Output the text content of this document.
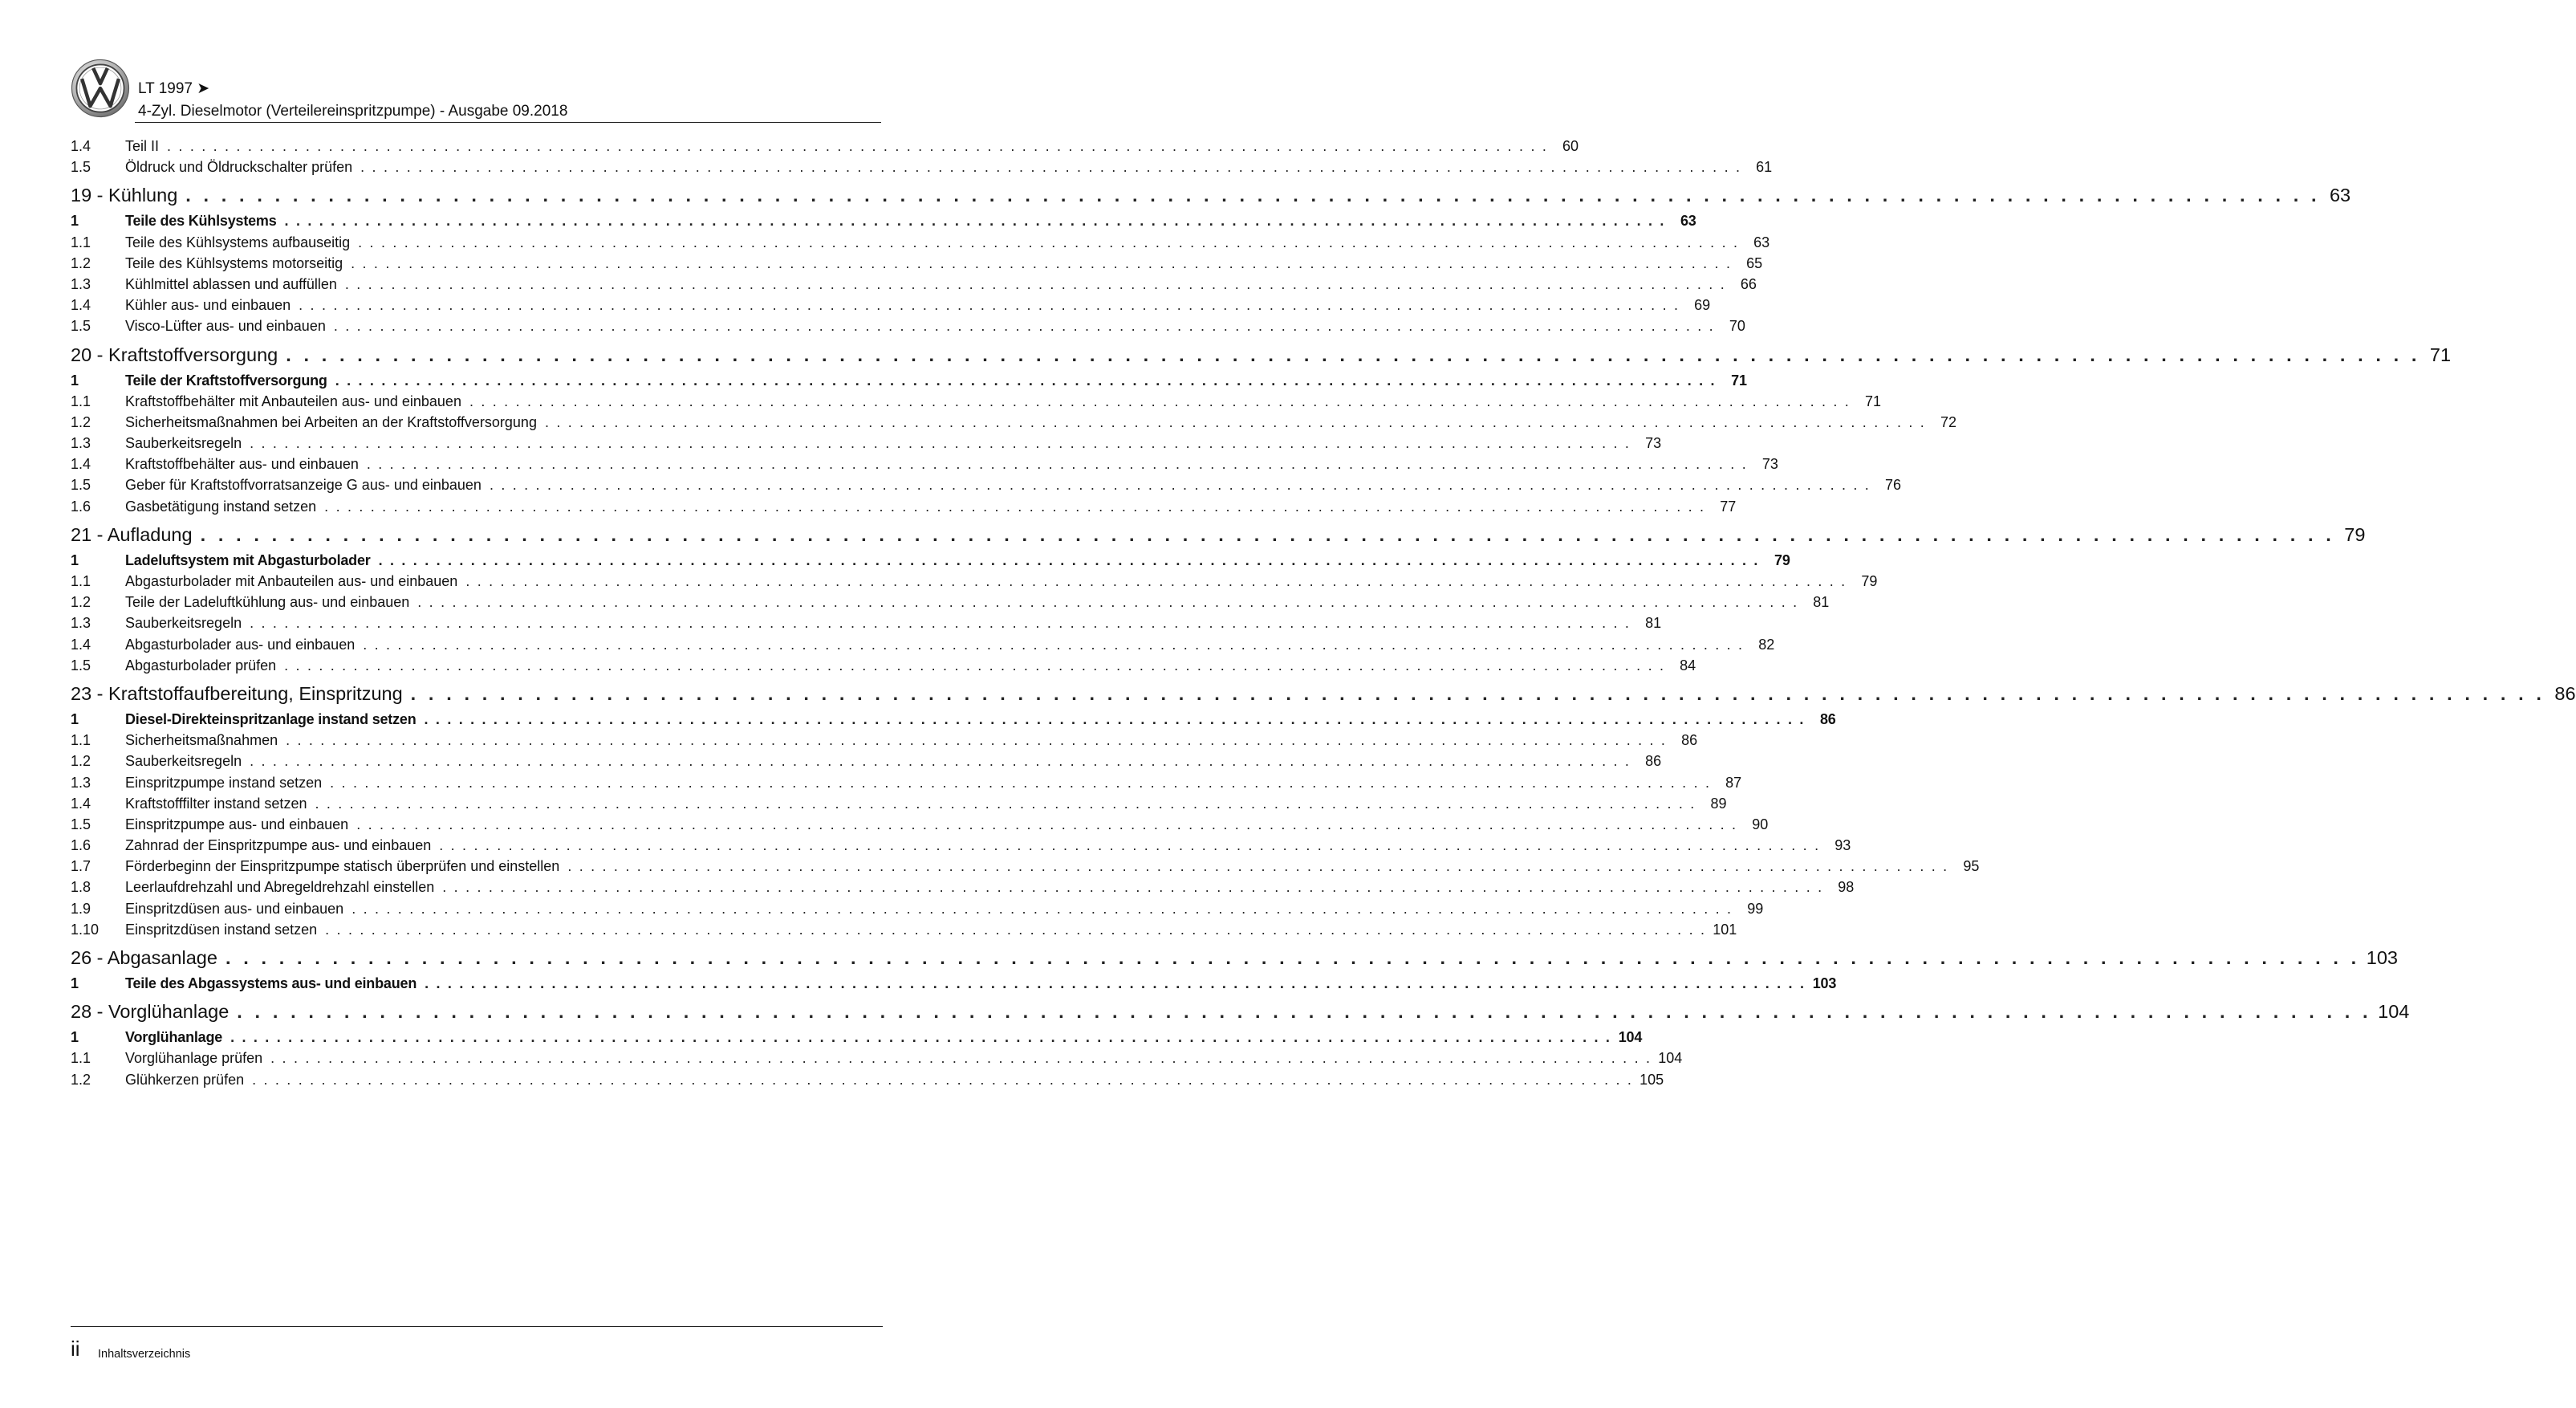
LT 1997 ➤
4-Zyl. Dieselmotor (Verteilereinspritzpumpe) - Ausgabe 09.2018
1.4	Teil II . . . . . . . . . . . . . . . . . . . . . . . . . . . . . . . . . . . . . . . . . . . . . . . . . . . . . . . . . . . . . . . . . . . . . . . . . . . . . . . . . . . . . . . . . . . . . . . . . . . . . . . . . . . . . . . . . . . . . . . . 60
1.5	Öldruck und Öldruckschalter prüfen . . . . . . . . . . . . . . . . . . . . . . . . . . . . . . . . . . . . . . . . . . . . . . . . . . . . . . . . . . . . . . . . . . . . . . . . . . . . . . . . . . . . . . . . . . . . . . . . . . . . . . . . . . . . . . . . . . . . . . . . 61
19 - Kühlung . . . . . . . . . . . . . . . . . . . . . . . . . . . . . . . . . . . . . . . . . . . . . . . . . . . . . . . . . . . . . . . . . . . . . . . . . . . . . . . . . . . . . . . . . . . . . . . . . . . . . . . . . . . . . . . . . . . . . . . . 63
1	Teile des Kühlsystems . . . . . . . . . . . . . . . . . . . . . . . . . . . . . . . . . . . . . . . . . . . . . . . . . . . . . . . . . . . . . . . . . . . . . . . . . . . . . . . . . . . . . . . . . . . . . . . . . . . . . . . . . . . . . . . . . . . . . . . .	63
1.1	Teile des Kühlsystems aufbauseitig . . . . . . . . . . . . . . . . . . . . . . . . . . . . . . . . . . . . . . . . . . . . . . . . . . . . . . . . . . . . . . . . . . . . . . . . . . . . . . . . . . . . . . . . . . . . . . . . . . . . . . . . . . . . . . . . . . . . . . . . 63
1.2	Teile des Kühlsystems motorseitig . . . . . . . . . . . . . . . . . . . . . . . . . . . . . . . . . . . . . . . . . . . . . . . . . . . . . . . . . . . . . . . . . . . . . . . . . . . . . . . . . . . . . . . . . . . . . . . . . . . . . . . . . . . . . . . . . . . . . . . . 65
1.3	Kühlmittel ablassen und auffüllen . . . . . . . . . . . . . . . . . . . . . . . . . . . . . . . . . . . . . . . . . . . . . . . . . . . . . . . . . . . . . . . . . . . . . . . . . . . . . . . . . . . . . . . . . . . . . . . . . . . . . . . . . . . . . . . . . . . . . . . . 66
1.4	Kühler aus- und einbauen . . . . . . . . . . . . . . . . . . . . . . . . . . . . . . . . . . . . . . . . . . . . . . . . . . . . . . . . . . . . . . . . . . . . . . . . . . . . . . . . . . . . . . . . . . . . . . . . . . . . . . . . . . . . . . . . . . . . . . . . 69
1.5	Visco-Lüfter aus- und einbauen . . . . . . . . . . . . . . . . . . . . . . . . . . . . . . . . . . . . . . . . . . . . . . . . . . . . . . . . . . . . . . . . . . . . . . . . . . . . . . . . . . . . . . . . . . . . . . . . . . . . . . . . . . . . . . . . . . . . . . . . 70
20 - Kraftstoffversorgung . . . . . . . . . . . . . . . . . . . . . . . . . . . . . . . . . . . . . . . . . . . . . . . . . . . . . . . . . . . . . . . . . . . . . . . . . . . . . . . . . . . . . . . . . . . . . . . . . . . . . . . . . . . . . . . . . . . . . . . . 71
1	Teile der Kraftstoffversorgung . . . . . . . . . . . . . . . . . . . . . . . . . . . . . . . . . . . . . . . . . . . . . . . . . . . . . . . . . . . . . . . . . . . . . . . . . . . . . . . . . . . . . . . . . . . . . . . . . . . . . . . . . . . . . . . . . . . . . . . .	71
1.1	Kraftstoffbehälter mit Anbauteilen aus- und einbauen . . . . . . . . . . . . . . . . . . . . . . . . . . . . . . . . . . . . . . . . . . . . . . . . . . . . . . . . . . . . . . . . . . . . . . . . . . . . . . . . . . . . . . . . . . . . . . . . . . . . . . . . . . . . . . . . . . . . . . . . 71
1.2	Sicherheitsmaßnahmen bei Arbeiten an der Kraftstoffversorgung . . . . . . . . . . . . . . . . . . . . . . . . . . . . . . . . . . . . . . . . . . . . . . . . . . . . . . . . . . . . . . . . . . . . . . . . . . . . . . . . . . . . . . . . . . . . . . . . . . . . . . . . . . . . . . . . . . . . . . . . 72
1.3	Sauberkeitsregeln . . . . . . . . . . . . . . . . . . . . . . . . . . . . . . . . . . . . . . . . . . . . . . . . . . . . . . . . . . . . . . . . . . . . . . . . . . . . . . . . . . . . . . . . . . . . . . . . . . . . . . . . . . . . . . . . . . . . . . . . 73
1.4	Kraftstoffbehälter aus- und einbauen . . . . . . . . . . . . . . . . . . . . . . . . . . . . . . . . . . . . . . . . . . . . . . . . . . . . . . . . . . . . . . . . . . . . . . . . . . . . . . . . . . . . . . . . . . . . . . . . . . . . . . . . . . . . . . . . . . . . . . . . 73
1.5	Geber für Kraftstoffvorratsanzeige G aus- und einbauen . . . . . . . . . . . . . . . . . . . . . . . . . . . . . . . . . . . . . . . . . . . . . . . . . . . . . . . . . . . . . . . . . . . . . . . . . . . . . . . . . . . . . . . . . . . . . . . . . . . . . . . . . . . . . . . . . . . . . . . . 76
1.6	Gasbetätigung instand setzen . . . . . . . . . . . . . . . . . . . . . . . . . . . . . . . . . . . . . . . . . . . . . . . . . . . . . . . . . . . . . . . . . . . . . . . . . . . . . . . . . . . . . . . . . . . . . . . . . . . . . . . . . . . . . . . . . . . . . . . . 77
21 - Aufladung . . . . . . . . . . . . . . . . . . . . . . . . . . . . . . . . . . . . . . . . . . . . . . . . . . . . . . . . . . . . . . . . . . . . . . . . . . . . . . . . . . . . . . . . . . . . . . . . . . . . . . . . . . . . . . . . . . . . . . . . 79
1	Ladeluftsystem mit Abgasturbolader . . . . . . . . . . . . . . . . . . . . . . . . . . . . . . . . . . . . . . . . . . . . . . . . . . . . . . . . . . . . . . . . . . . . . . . . . . . . . . . . . . . . . . . . . . . . . . . . . . . . . . . . . . . . . . . . . . . . . . . .	79
1.1	Abgasturbolader mit Anbauteilen aus- und einbauen . . . . . . . . . . . . . . . . . . . . . . . . . . . . . . . . . . . . . . . . . . . . . . . . . . . . . . . . . . . . . . . . . . . . . . . . . . . . . . . . . . . . . . . . . . . . . . . . . . . . . . . . . . . . . . . . . . . . . . . . 79
1.2	Teile der Ladeluftkühlung aus- und einbauen . . . . . . . . . . . . . . . . . . . . . . . . . . . . . . . . . . . . . . . . . . . . . . . . . . . . . . . . . . . . . . . . . . . . . . . . . . . . . . . . . . . . . . . . . . . . . . . . . . . . . . . . . . . . . . . . . . . . . . . . 81
1.3	Sauberkeitsregeln . . . . . . . . . . . . . . . . . . . . . . . . . . . . . . . . . . . . . . . . . . . . . . . . . . . . . . . . . . . . . . . . . . . . . . . . . . . . . . . . . . . . . . . . . . . . . . . . . . . . . . . . . . . . . . . . . . . . . . . . 81
1.4	Abgasturbolader aus- und einbauen . . . . . . . . . . . . . . . . . . . . . . . . . . . . . . . . . . . . . . . . . . . . . . . . . . . . . . . . . . . . . . . . . . . . . . . . . . . . . . . . . . . . . . . . . . . . . . . . . . . . . . . . . . . . . . . . . . . . . . . . 82
1.5	Abgasturbolader prüfen . . . . . . . . . . . . . . . . . . . . . . . . . . . . . . . . . . . . . . . . . . . . . . . . . . . . . . . . . . . . . . . . . . . . . . . . . . . . . . . . . . . . . . . . . . . . . . . . . . . . . . . . . . . . . . . . . . . . . . . . 84
23 - Kraftstoffaufbereitung, Einspritzung . . . . . . . . . . . . . . . . . . . . . . . . . . . . . . . . . . . . . . . . . . . . . . . . . . . . . . . . . . . . . . . . . . . . . . . . . . . . . . . . . . . . . . . . . . . . . . . . . . . . . . . . . . . . . . . . . . . . . . . . 86
1	Diesel-Direkteinspritzanlage instand setzen . . . . . . . . . . . . . . . . . . . . . . . . . . . . . . . . . . . . . . . . . . . . . . . . . . . . . . . . . . . . . . . . . . . . . . . . . . . . . . . . . . . . . . . . . . . . . . . . . . . . . . . . . . . . . . . . . . . . . . . .	86
1.1	Sicherheitsmaßnahmen . . . . . . . . . . . . . . . . . . . . . . . . . . . . . . . . . . . . . . . . . . . . . . . . . . . . . . . . . . . . . . . . . . . . . . . . . . . . . . . . . . . . . . . . . . . . . . . . . . . . . . . . . . . . . . . . . . . . . . . . 86
1.2	Sauberkeitsregeln . . . . . . . . . . . . . . . . . . . . . . . . . . . . . . . . . . . . . . . . . . . . . . . . . . . . . . . . . . . . . . . . . . . . . . . . . . . . . . . . . . . . . . . . . . . . . . . . . . . . . . . . . . . . . . . . . . . . . . . . 86
1.3	Einspritzpumpe instand setzen . . . . . . . . . . . . . . . . . . . . . . . . . . . . . . . . . . . . . . . . . . . . . . . . . . . . . . . . . . . . . . . . . . . . . . . . . . . . . . . . . . . . . . . . . . . . . . . . . . . . . . . . . . . . . . . . . . . . . . . . 87
1.4	Kraftstofffilter instand setzen . . . . . . . . . . . . . . . . . . . . . . . . . . . . . . . . . . . . . . . . . . . . . . . . . . . . . . . . . . . . . . . . . . . . . . . . . . . . . . . . . . . . . . . . . . . . . . . . . . . . . . . . . . . . . . . . . . . . . . . . 89
1.5	Einspritzpumpe aus- und einbauen . . . . . . . . . . . . . . . . . . . . . . . . . . . . . . . . . . . . . . . . . . . . . . . . . . . . . . . . . . . . . . . . . . . . . . . . . . . . . . . . . . . . . . . . . . . . . . . . . . . . . . . . . . . . . . . . . . . . . . . . 90
1.6	Zahnrad der Einspritzpumpe aus- und einbauen . . . . . . . . . . . . . . . . . . . . . . . . . . . . . . . . . . . . . . . . . . . . . . . . . . . . . . . . . . . . . . . . . . . . . . . . . . . . . . . . . . . . . . . . . . . . . . . . . . . . . . . . . . . . . . . . . . . . . . . . 93
1.7	Förderbeginn der Einspritzpumpe statisch überprüfen und einstellen . . . . . . . . . . . . . . . . . . . . . . . . . . . . . . . . . . . . . . . . . . . . . . . . . . . . . . . . . . . . . . . . . . . . . . . . . . . . . . . . . . . . . . . . . . . . . . . . . . . . . . . . . . . . . . . . . . . . . . . . 95
1.8	Leerlaufdrehzahl und Abregeldrehzahl einstellen . . . . . . . . . . . . . . . . . . . . . . . . . . . . . . . . . . . . . . . . . . . . . . . . . . . . . . . . . . . . . . . . . . . . . . . . . . . . . . . . . . . . . . . . . . . . . . . . . . . . . . . . . . . . . . . . . . . . . . . . 98
1.9	Einspritzdüsen aus- und einbauen . . . . . . . . . . . . . . . . . . . . . . . . . . . . . . . . . . . . . . . . . . . . . . . . . . . . . . . . . . . . . . . . . . . . . . . . . . . . . . . . . . . . . . . . . . . . . . . . . . . . . . . . . . . . . . . . . . . . . . . . 99
1.10	Einspritzdüsen instand setzen . . . . . . . . . . . . . . . . . . . . . . . . . . . . . . . . . . . . . . . . . . . . . . . . . . . . . . . . . . . . . . . . . . . . . . . . . . . . . . . . . . . . . . . . . . . . . . . . . . . . . . . . . . . . . . . . . . . . . . . . 101
26 - Abgasanlage . . . . . . . . . . . . . . . . . . . . . . . . . . . . . . . . . . . . . . . . . . . . . . . . . . . . . . . . . . . . . . . . . . . . . . . . . . . . . . . . . . . . . . . . . . . . . . . . . . . . . . . . . . . . . . . . . . . . . . . . 103
1	Teile des Abgassystems aus- und einbauen . . . . . . . . . . . . . . . . . . . . . . . . . . . . . . . . . . . . . . . . . . . . . . . . . . . . . . . . . . . . . . . . . . . . . . . . . . . . . . . . . . . . . . . . . . . . . . . . . . . . . . . . . . . . . . . . . . . . . . . . 103
28 - Vorglühanlage . . . . . . . . . . . . . . . . . . . . . . . . . . . . . . . . . . . . . . . . . . . . . . . . . . . . . . . . . . . . . . . . . . . . . . . . . . . . . . . . . . . . . . . . . . . . . . . . . . . . . . . . . . . . . . . . . . . . . . . . 104
1	Vorglühanlage . . . . . . . . . . . . . . . . . . . . . . . . . . . . . . . . . . . . . . . . . . . . . . . . . . . . . . . . . . . . . . . . . . . . . . . . . . . . . . . . . . . . . . . . . . . . . . . . . . . . . . . . . . . . . . . . . . . . . . . . 104
1.1	Vorglühanlage prüfen . . . . . . . . . . . . . . . . . . . . . . . . . . . . . . . . . . . . . . . . . . . . . . . . . . . . . . . . . . . . . . . . . . . . . . . . . . . . . . . . . . . . . . . . . . . . . . . . . . . . . . . . . . . . . . . . . . . . . . . . 104
1.2	Glühkerzen prüfen . . . . . . . . . . . . . . . . . . . . . . . . . . . . . . . . . . . . . . . . . . . . . . . . . . . . . . . . . . . . . . . . . . . . . . . . . . . . . . . . . . . . . . . . . . . . . . . . . . . . . . . . . . . . . . . . . . . . . . . . 105
ii Inhaltsverzeichnis
